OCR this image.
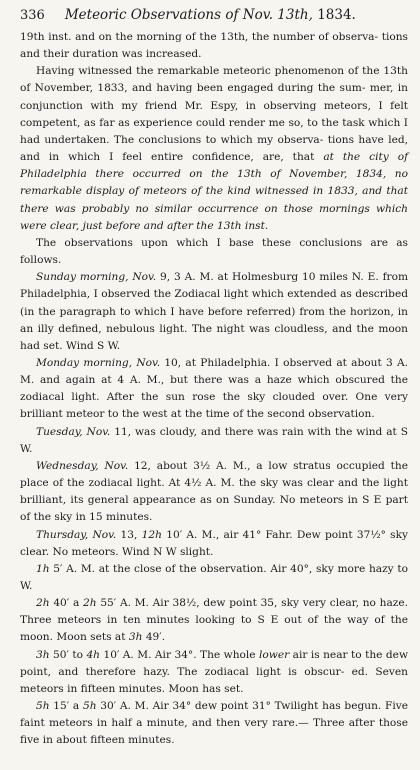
336 Meteoric Observations of Nov. 13th, 1834.

19th inst. and on the morning of the 13th, the number of observa- tions and their duration was increased.

Having witnessed the remarkable meteoric phenomenon of the 13th of November, 1833, and having been engaged during the sum- mer, in conjunction with my friend Mr. Espy, in observing meteors, I felt competent, as far as experience could render me so, to the task which I had undertaken. The conclusions to which my observa- tions have led, and in which I feel entire confidence, are, that at the city of Philadelphia there occurred on the 13th of November, 1834, no remarkable display of meteors of the kind witnessed in 1833, and that there was probably no similar occurrence on those mornings which were clear, just before and after the 13th inst.

The observations upon which I base these conclusions are as follows.

Sunday morning, Nov. 9, 3 A. M. at Holmesburg 10 miles N. E. from Philadelphia, I observed the Zodiacal light which extended as described (in the paragraph to which I have before referred) from the horizon, in an illy defined, nebulous light. The night was cloudless, and the moon had set. Wind S W.

Monday morning, Nov. 10, at Philadelphia. I observed at about 3 A. M. and again at 4 A. M., but there was a haze which obscured the zodiacal light. After the sun rose the sky clouded over. One very brilliant meteor to the west at the time of the second observation.

Tuesday, Nov. 11, was cloudy, and there was rain with the wind at S W.

Wednesday, Nov. 12, about 3½ A. M., a low stratus occupied the place of the zodiacal light. At 4½ A. M. the sky was clear and the light brilliant, its general appearance as on Sunday. No meteors in S E part of the sky in 15 minutes.

Thursday, Nov. 13, 12h 10′ A. M., air 41° Fahr. Dew point 37½° sky clear. No meteors. Wind N W slight.

1h 5′ A. M. at the close of the observation. Air 40°, sky more hazy to W.

2h 40′ a 2h 55′ A. M. Air 38½, dew point 35, sky very clear, no haze. Three meteors in ten minutes looking to S E out of the way of the moon. Moon sets at 3h 49′.

3h 50′ to 4h 10′ A. M. Air 34°. The whole lower air is near to the dew point, and therefore hazy. The zodiacal light is obscur- ed. Seven meteors in fifteen minutes. Moon has set.

5h 15′ a 5h 30′ A. M. Air 34° dew point 31° Twilight has begun. Five faint meteors in half a minute, and then very rare.— Three after those five in about fifteen minutes.
